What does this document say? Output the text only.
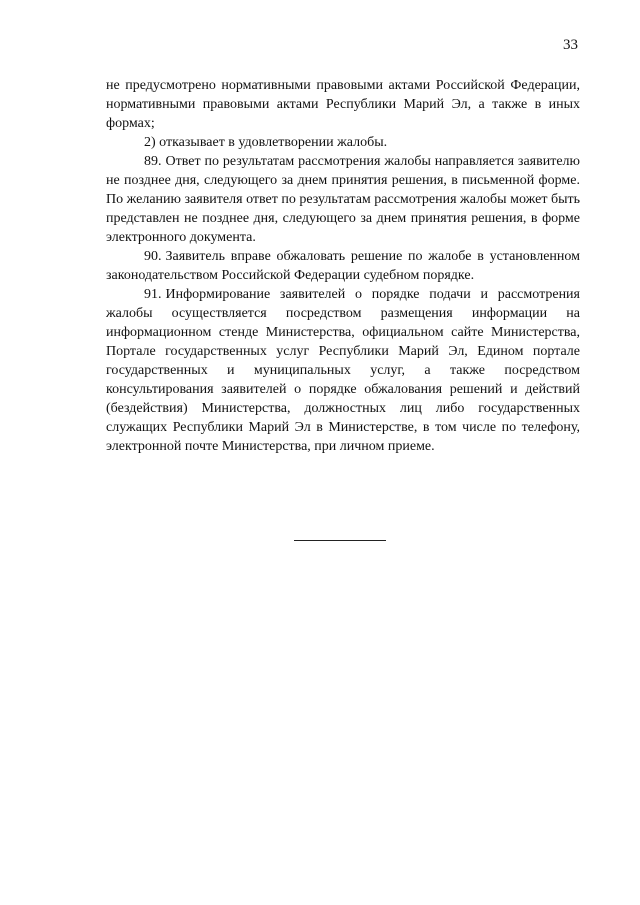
33

не предусмотрено нормативными правовыми актами Российской Федерации, нормативными правовыми актами Республики Марий Эл, а также в иных формах;

2) отказывает в удовлетворении жалобы.

89. Ответ по результатам рассмотрения жалобы направляется заявителю не позднее дня, следующего за днем принятия решения, в письменной форме. По желанию заявителя ответ по результатам рассмотрения жалобы может быть представлен не позднее дня, следующего за днем принятия решения, в форме электронного документа.

90. Заявитель вправе обжаловать решение по жалобе в установленном законодательством Российской Федерации судебном порядке.

91. Информирование заявителей о порядке подачи и рассмотрения жалобы осуществляется посредством размещения информации на информационном стенде Министерства, официальном сайте Министерства, Портале государственных услуг Республики Марий Эл, Едином портале государственных и муниципальных услуг, а также посредством консультирования заявителей о порядке обжалования решений и действий (бездействия) Министерства, должностных лиц либо государственных служащих Республики Марий Эл в Министерстве, в том числе по телефону, электронной почте Министерства, при личном приеме.
